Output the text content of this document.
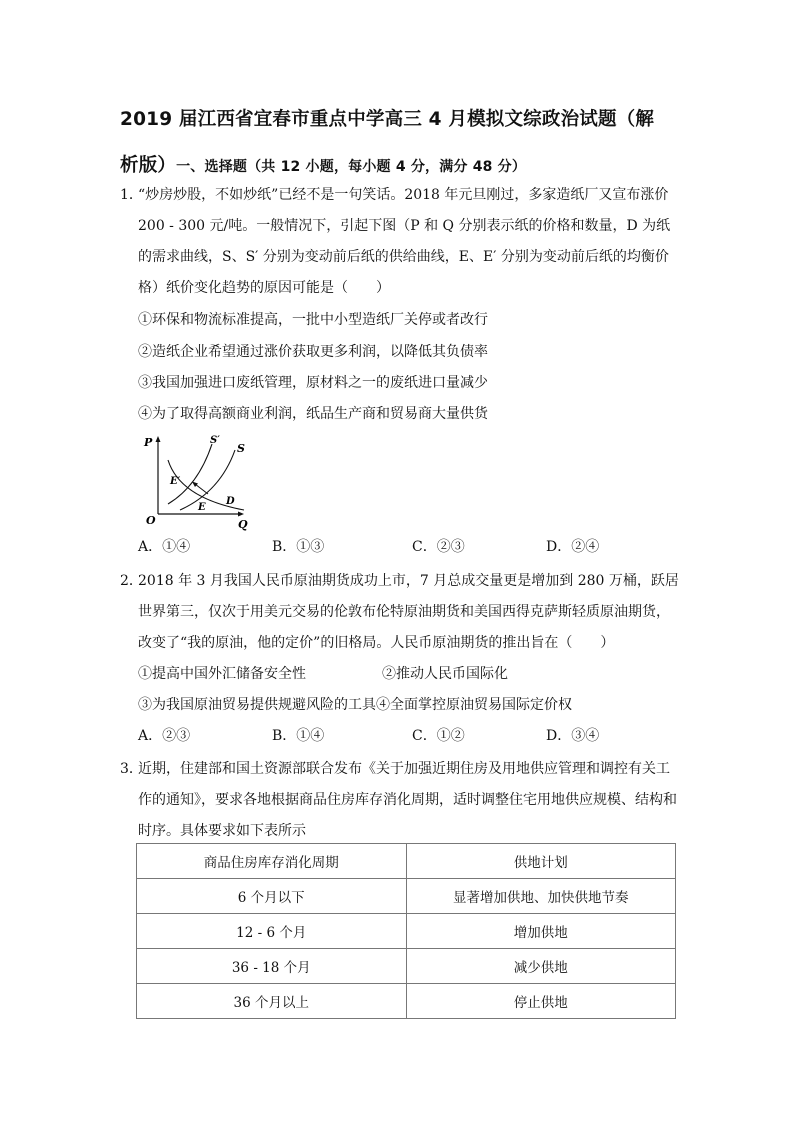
2019 届江西省宜春市重点中学高三 4 月模拟文综政治试题（解
析版）一、选择题（共 12 小题，每小题 4 分，满分 48 分）
1．
“炒房炒股，不如炒纸”已经不是一句笑话。2018 年元旦刚过，多家造纸厂又宣布涨价 200 - 300 元/吨。一般情况下，引起下图（P 和 Q 分别表示纸的价格和数量，D 为纸的需求曲线，S、S′ 分别为变动前后纸的供给曲线，E、E′ 分别为变动前后纸的均衡价格）纸价变化趋势的原因可能是（　　）
①环保和物流标准提高，一批中小型造纸厂关停或者改行
②造纸企业希望通过涨价获取更多利润，以降低其负债率
③我国加强进口废纸管理，原材料之一的废纸进口量减少
④为了取得高额商业利润，纸品生产商和贸易商大量供货
P
Q
O
S
S′
E
E′
D
A．①④	B．①③	C．②③	D．②④
2．
2018 年 3 月我国人民币原油期货成功上市，7 月总成交量更是增加到 280 万桶，跃居世界第三，仅次于用美元交易的伦敦布伦特原油期货和美国西得克萨斯轻质原油期货，改变了“我的原油，他的定价”的旧格局。人民币原油期货的推出旨在（　　）
①提高中国外汇储备安全性	②推动人民币国际化
③为我国原油贸易提供规避风险的工具④全面掌控原油贸易国际定价权
A．②③	B．①④	C．①②	D．③④
3．
近期，住建部和国土资源部联合发布《关于加强近期住房及用地供应管理和调控有关工作的通知》，要求各地根据商品住房库存消化周期，适时调整住宅用地供应规模、结构和时序。具体要求如下表所示
商品住房库存消化周期	供地计划
6 个月以下	显著增加供地、加快供地节奏
12 - 6 个月	增加供地
36 - 18 个月	减少供地
36 个月以上	停止供地
